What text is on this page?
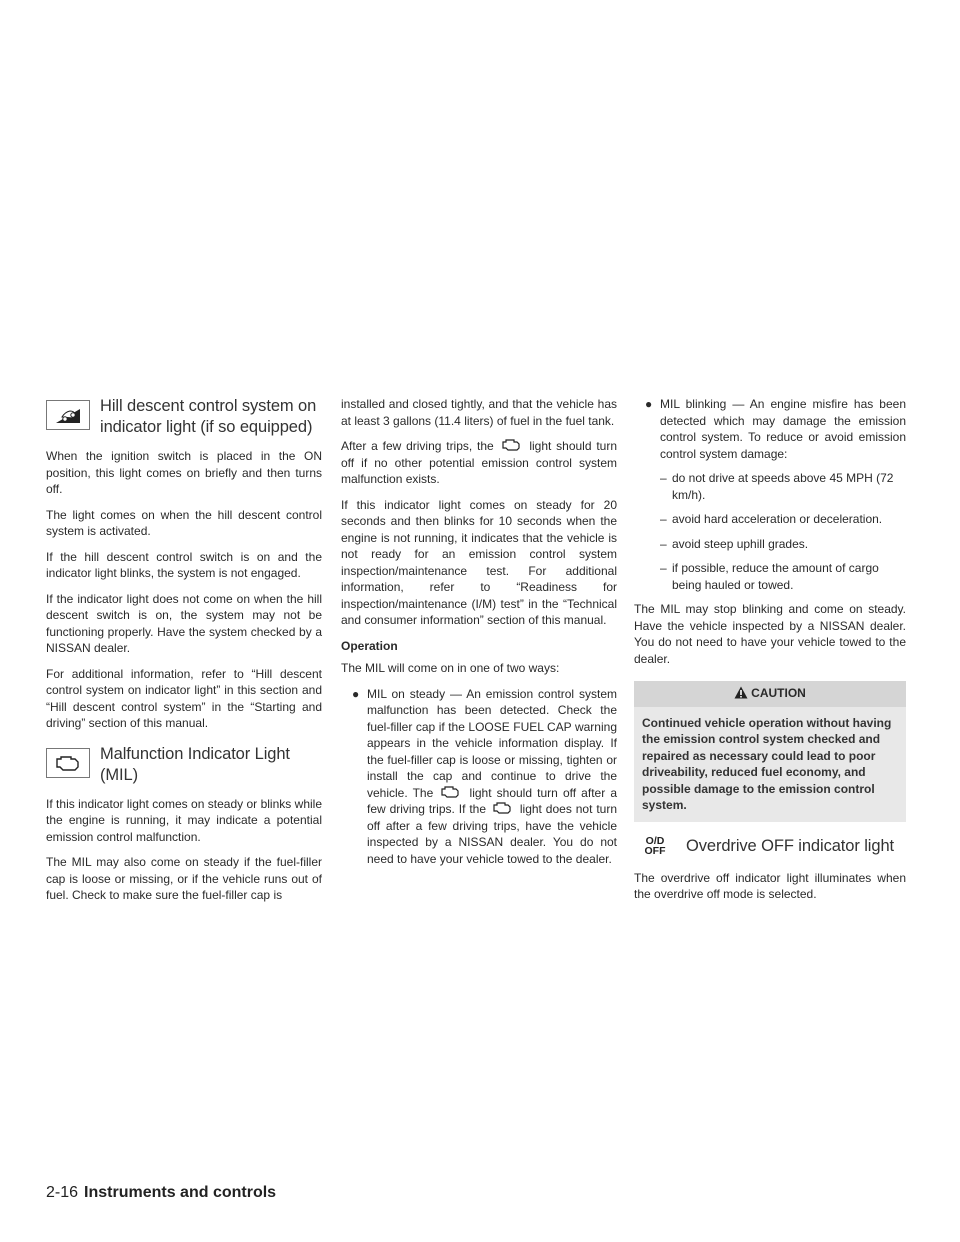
Hill descent control system on indicator light (if so equipped)

When the ignition switch is placed in the ON position, this light comes on briefly and then turns off.

The light comes on when the hill descent control system is activated.

If the hill descent control switch is on and the indicator light blinks, the system is not engaged.

If the indicator light does not come on when the hill descent switch is on, the system may not be functioning properly. Have the system checked by a NISSAN dealer.

For additional information, refer to “Hill descent control system on indicator light” in this section and “Hill descent control system” in the “Starting and driving” section of this manual.

Malfunction Indicator Light (MIL)

If this indicator light comes on steady or blinks while the engine is running, it may indicate a potential emission control malfunction.

The MIL may also come on steady if the fuel-filler cap is loose or missing, or if the vehicle runs out of fuel. Check to make sure the fuel-filler cap is

installed and closed tightly, and that the vehicle has at least 3 gallons (11.4 liters) of fuel in the fuel tank.

After a few driving trips, the	light should turn off if no other potential emission control system malfunction exists.

If this indicator light comes on steady for 20 seconds and then blinks for 10 seconds when the engine is not running, it indicates that the vehicle is not ready for an emission control system inspection/maintenance test. For additional information, refer to “Readiness for inspection/maintenance (I/M) test” in the “Technical and consumer information” section of this manual.

Operation

The MIL will come on in one of two ways:

● MIL on steady — An emission control system malfunction has been detected. Check the fuel-filler cap if the LOOSE FUEL CAP warning appears in the vehicle information display. If the fuel-filler cap is loose or missing, tighten or install the cap and continue to drive the vehicle. The	light should turn off after a few driving trips. If the	light does not turn off after a few driving trips, have the vehicle inspected by a NISSAN dealer. You do not need to have your vehicle towed to the dealer.
● MIL blinking — An engine misfire has been detected which may damage the emission control system. To reduce or avoid emission control system damage:
– do not drive at speeds above 45 MPH (72 km/h).
– avoid hard acceleration or deceleration.
– avoid steep uphill grades.
– if possible, reduce the amount of cargo being hauled or towed.

The MIL may stop blinking and come on steady. Have the vehicle inspected by a NISSAN dealer. You do not need to have your vehicle towed to the dealer.

CAUTION
Continued vehicle operation without having the emission control system checked and repaired as necessary could lead to poor driveability, reduced fuel economy, and possible damage to the emission control system.
O/D
OFF Overdrive OFF indicator light

The overdrive off indicator light illuminates when the overdrive off mode is selected.

2-16 Instruments and controls
